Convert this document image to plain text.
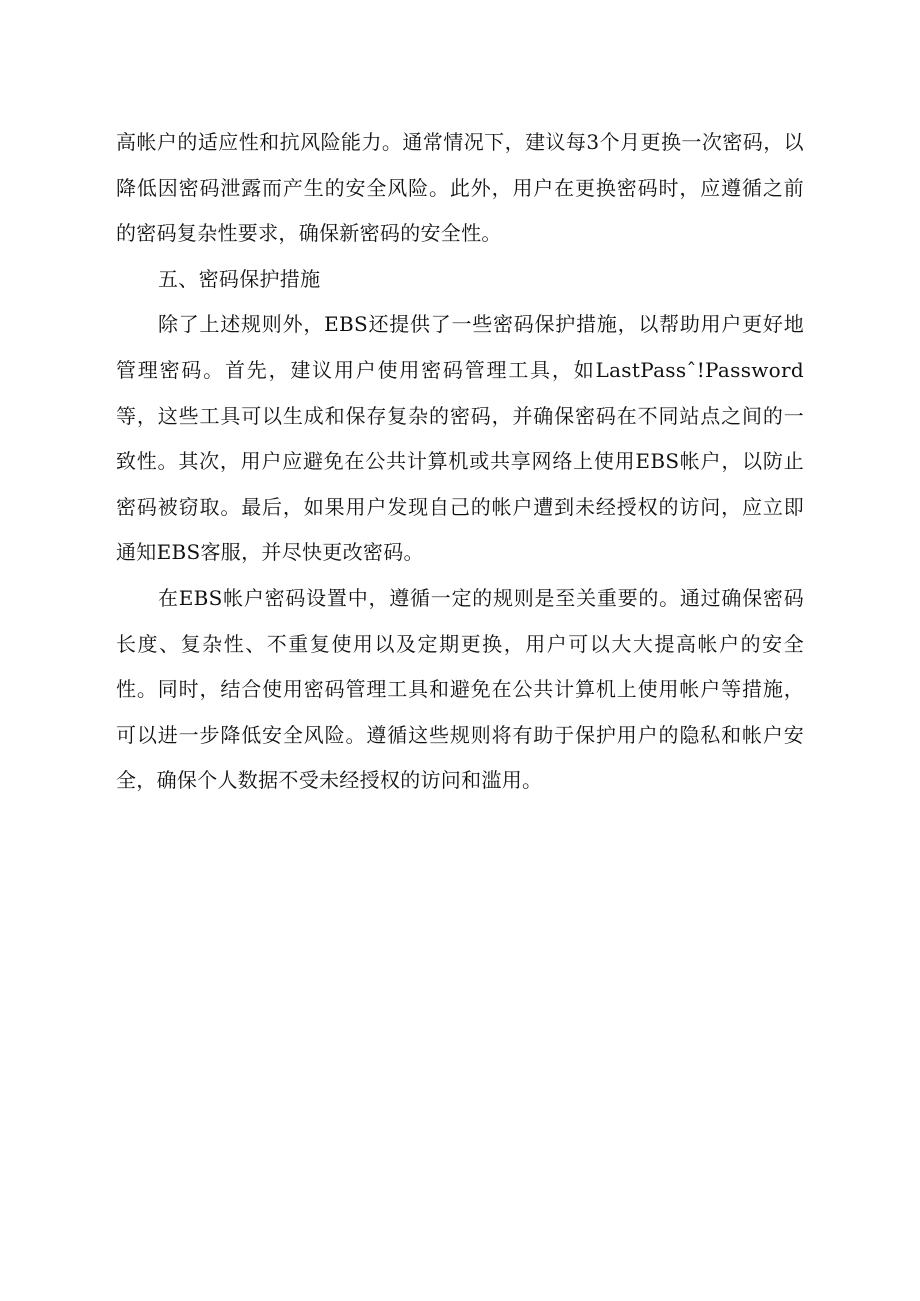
高帐户的适应性和抗风险能力。通常情况下，建议每3个月更换一次密码，以降低因密码泄露而产生的安全风险。此外，用户在更换密码时，应遵循之前的密码复杂性要求，确保新密码的安全性。

五、密码保护措施

除了上述规则外，EBS还提供了一些密码保护措施，以帮助用户更好地管理密码。首先，建议用户使用密码管理工具，如LastPassˆ!Password等，这些工具可以生成和保存复杂的密码，并确保密码在不同站点之间的一致性。其次，用户应避免在公共计算机或共享网络上使用EBS帐户，以防止密码被窃取。最后，如果用户发现自己的帐户遭到未经授权的访问，应立即通知EBS客服，并尽快更改密码。

在EBS帐户密码设置中，遵循一定的规则是至关重要的。通过确保密码长度、复杂性、不重复使用以及定期更换，用户可以大大提高帐户的安全性。同时，结合使用密码管理工具和避免在公共计算机上使用帐户等措施，可以进一步降低安全风险。遵循这些规则将有助于保护用户的隐私和帐户安全，确保个人数据不受未经授权的访问和滥用。
